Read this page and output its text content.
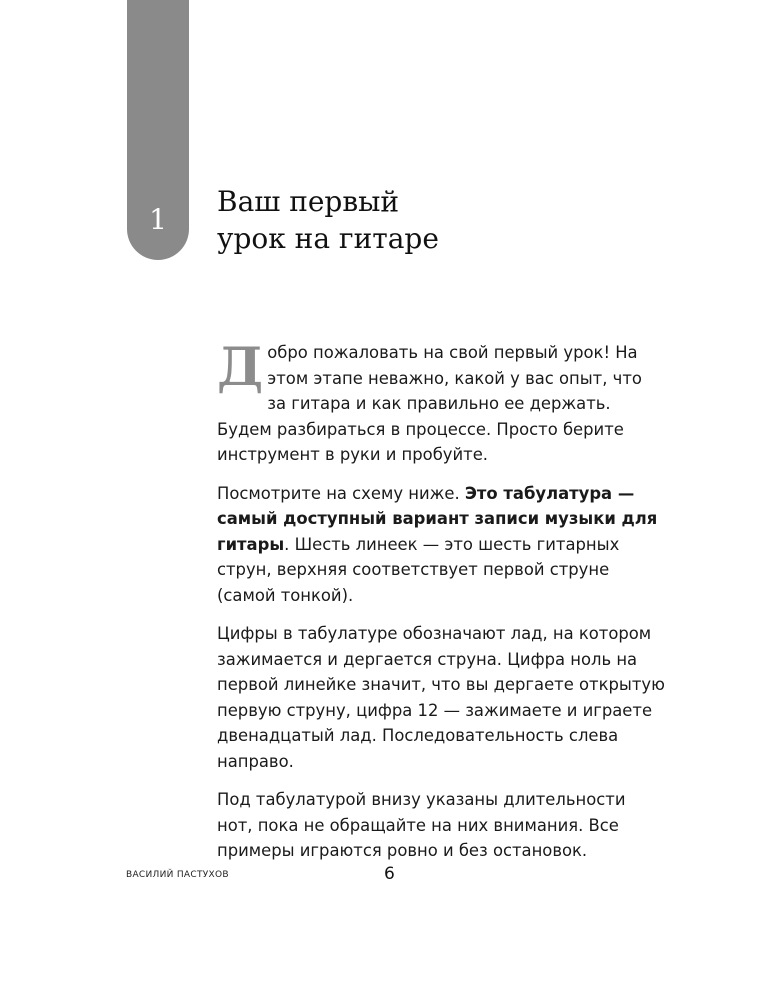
1
Ваш первый
урок на гитаре

Добро пожаловать на свой первый урок! На этом этапе неважно, какой у вас опыт, что за гитара и как правильно ее держать. Будем разбираться в процессе. Просто берите инструмент в руки и пробуйте.

Посмотрите на схему ниже. Это табулатура — самый доступный вариант записи музыки для гитары. Шесть линеек — это шесть гитарных струн, верхняя соответствует первой струне (самой тонкой).

Цифры в табулатуре обозначают лад, на котором зажимается и дергается струна. Цифра ноль на первой линейке значит, что вы дергаете открытую первую струну, цифра 12 — зажимаете и играете двенадцатый лад. Последовательность слева направо.

Под табулатурой внизу указаны длительности нот, пока не обращайте на них внимания. Все примеры играются ровно и без остановок.

ВАСИЛИЙ ПАСТУХОВ	6
